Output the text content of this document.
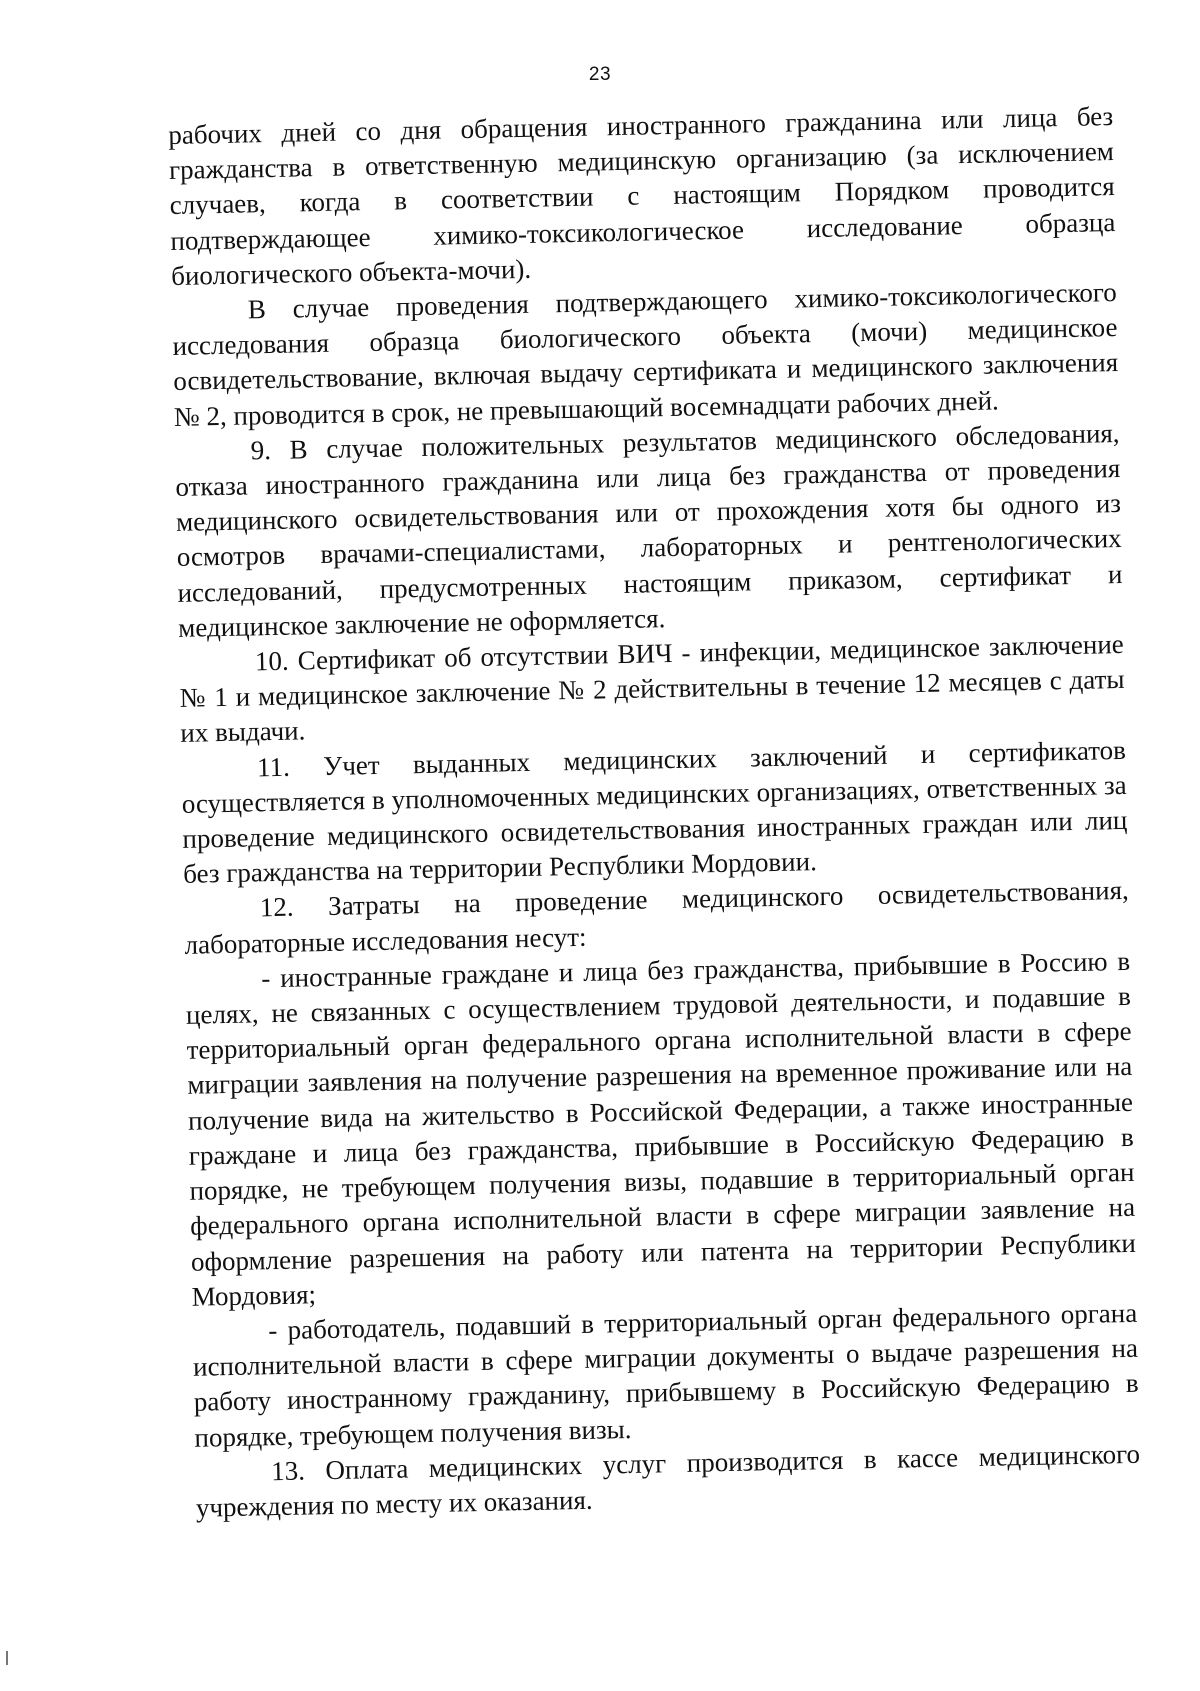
23

рабочих дней со дня обращения иностранного гражданина или лица без гражданства в ответственную медицинскую организацию (за исключением случаев, когда в соответствии с настоящим Порядком проводится подтверждающее химико-токсикологическое исследование образца биологического объекта-мочи).

В случае проведения подтверждающего химико-токсикологического исследования образца биологического объекта (мочи) медицинское освидетельствование, включая выдачу сертификата и медицинского заключения № 2, проводится в срок, не превышающий восемнадцати рабочих дней.

9. В случае положительных результатов медицинского обследования, отказа иностранного гражданина или лица без гражданства от проведения медицинского освидетельствования или от прохождения хотя бы одного из осмотров врачами-специалистами, лабораторных и рентгенологических исследований, предусмотренных настоящим приказом, сертификат и медицинское заключение не оформляется.

10. Сертификат об отсутствии ВИЧ - инфекции, медицинское заключение № 1 и медицинское заключение № 2 действительны в течение 12 месяцев с даты их выдачи.

11. Учет выданных медицинских заключений и сертификатов осуществляется в уполномоченных медицинских организациях, ответственных за проведение медицинского освидетельствования иностранных граждан или лиц без гражданства на территории Республики Мордовии.

12. Затраты на проведение медицинского освидетельствования, лабораторные исследования несут:

- иностранные граждане и лица без гражданства, прибывшие в Россию в целях, не связанных с осуществлением трудовой деятельности, и подавшие в территориальный орган федерального органа исполнительной власти в сфере миграции заявления на получение разрешения на временное проживание или на получение вида на жительство в Российской Федерации, а также иностранные граждане и лица без гражданства, прибывшие в Российскую Федерацию в порядке, не требующем получения визы, подавшие в территориальный орган федерального органа исполнительной власти в сфере миграции заявление на оформление разрешения на работу или патента на территории Республики Мордовия;

- работодатель, подавший в территориальный орган федерального органа исполнительной власти в сфере миграции документы о выдаче разрешения на работу иностранному гражданину, прибывшему в Российскую Федерацию в порядке, требующем получения визы.

13. Оплата медицинских услуг производится в кассе медицинского учреждения по месту их оказания.
